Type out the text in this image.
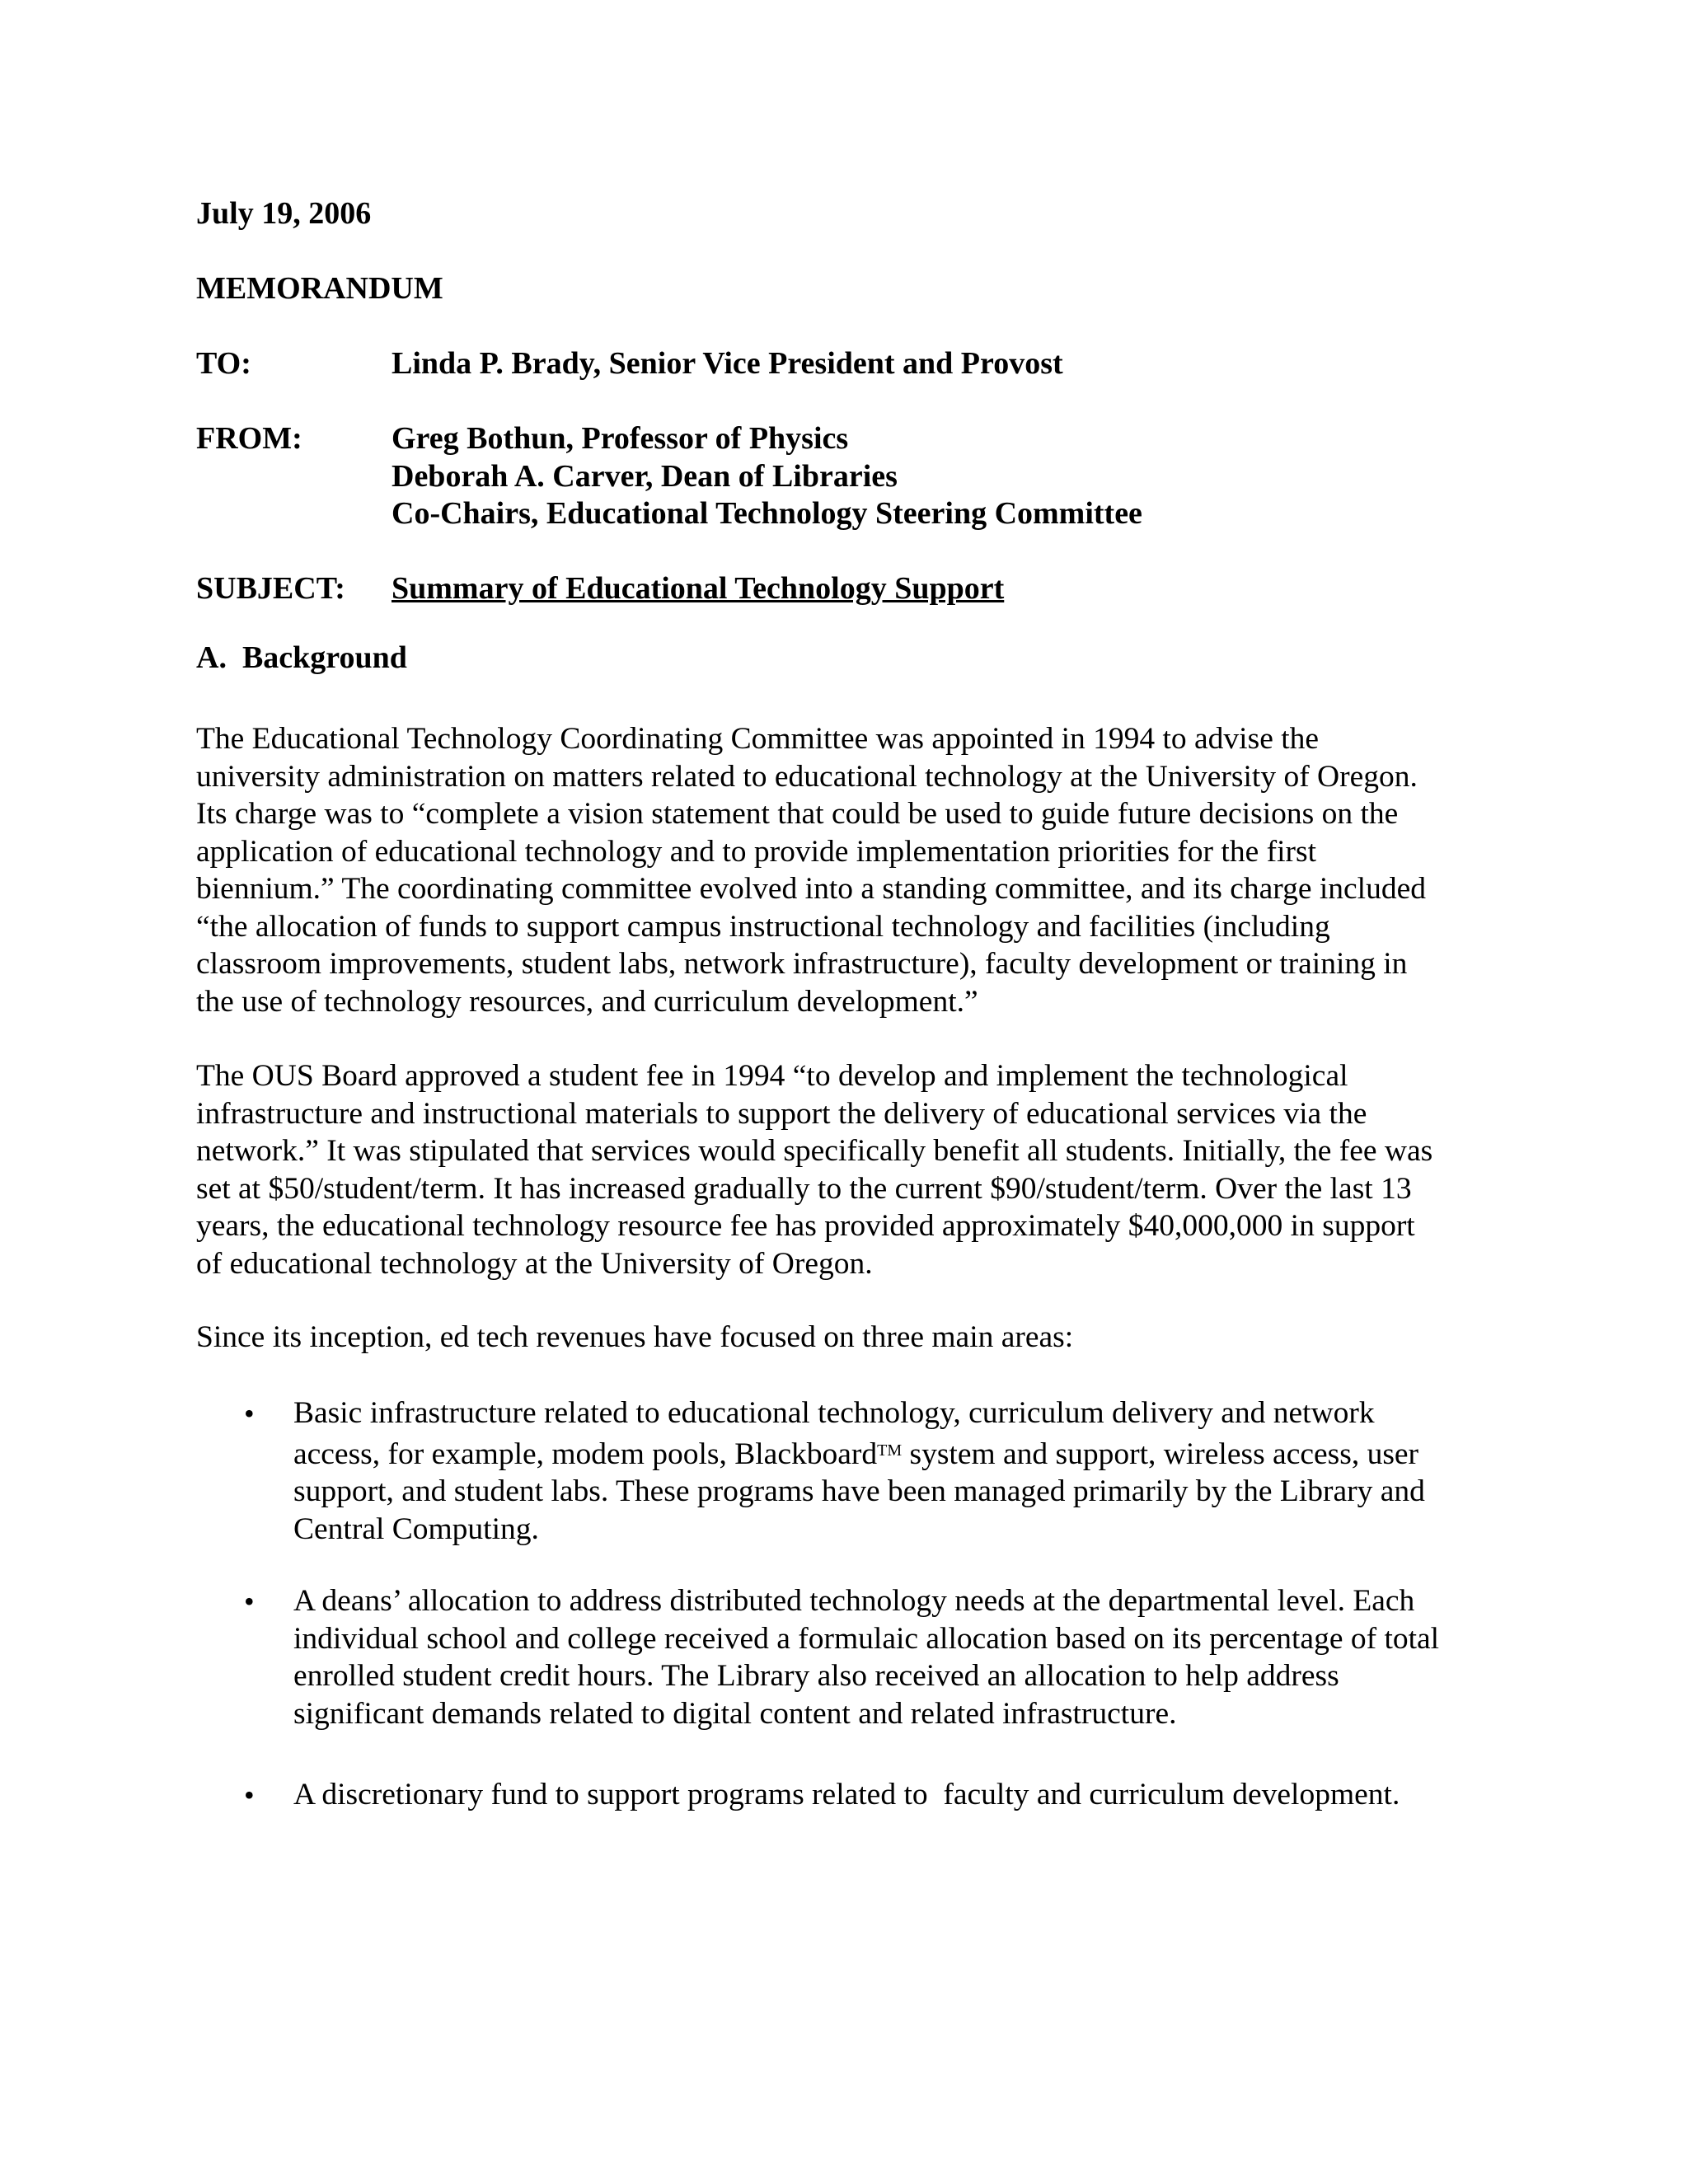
July 19, 2006
MEMORANDUM
TO:	Linda P. Brady, Senior Vice President and Provost
FROM:	Greg Bothun, Professor of Physics
Deborah A. Carver, Dean of Libraries
Co-Chairs, Educational Technology Steering Committee
SUBJECT: Summary of Educational Technology Support
A.  Background
The Educational Technology Coordinating Committee was appointed in 1994 to advise the
university administration on matters related to educational technology at the University of Oregon.
Its charge was to “complete a vision statement that could be used to guide future decisions on the
application of educational technology and to provide implementation priorities for the first
biennium.” The coordinating committee evolved into a standing committee, and its charge included
“the allocation of funds to support campus instructional technology and facilities (including
classroom improvements, student labs, network infrastructure), faculty development or training in
the use of technology resources, and curriculum development.”
The OUS Board approved a student fee in 1994 “to develop and implement the technological
infrastructure and instructional materials to support the delivery of educational services via the
network.” It was stipulated that services would specifically benefit all students. Initially, the fee was
set at $50/student/term. It has increased gradually to the current $90/student/term. Over the last 13
years, the educational technology resource fee has provided approximately $40,000,000 in support
of educational technology at the University of Oregon.
Since its inception, ed tech revenues have focused on three main areas:
• Basic infrastructure related to educational technology, curriculum delivery and network
access, for example, modem pools, Blackboard™ system and support, wireless access, user
support, and student labs. These programs have been managed primarily by the Library and
Central Computing.
• A deans’ allocation to address distributed technology needs at the departmental level. Each
individual school and college received a formulaic allocation based on its percentage of total
enrolled student credit hours. The Library also received an allocation to help address
significant demands related to digital content and related infrastructure.
• A discretionary fund to support programs related to  faculty and curriculum development.
